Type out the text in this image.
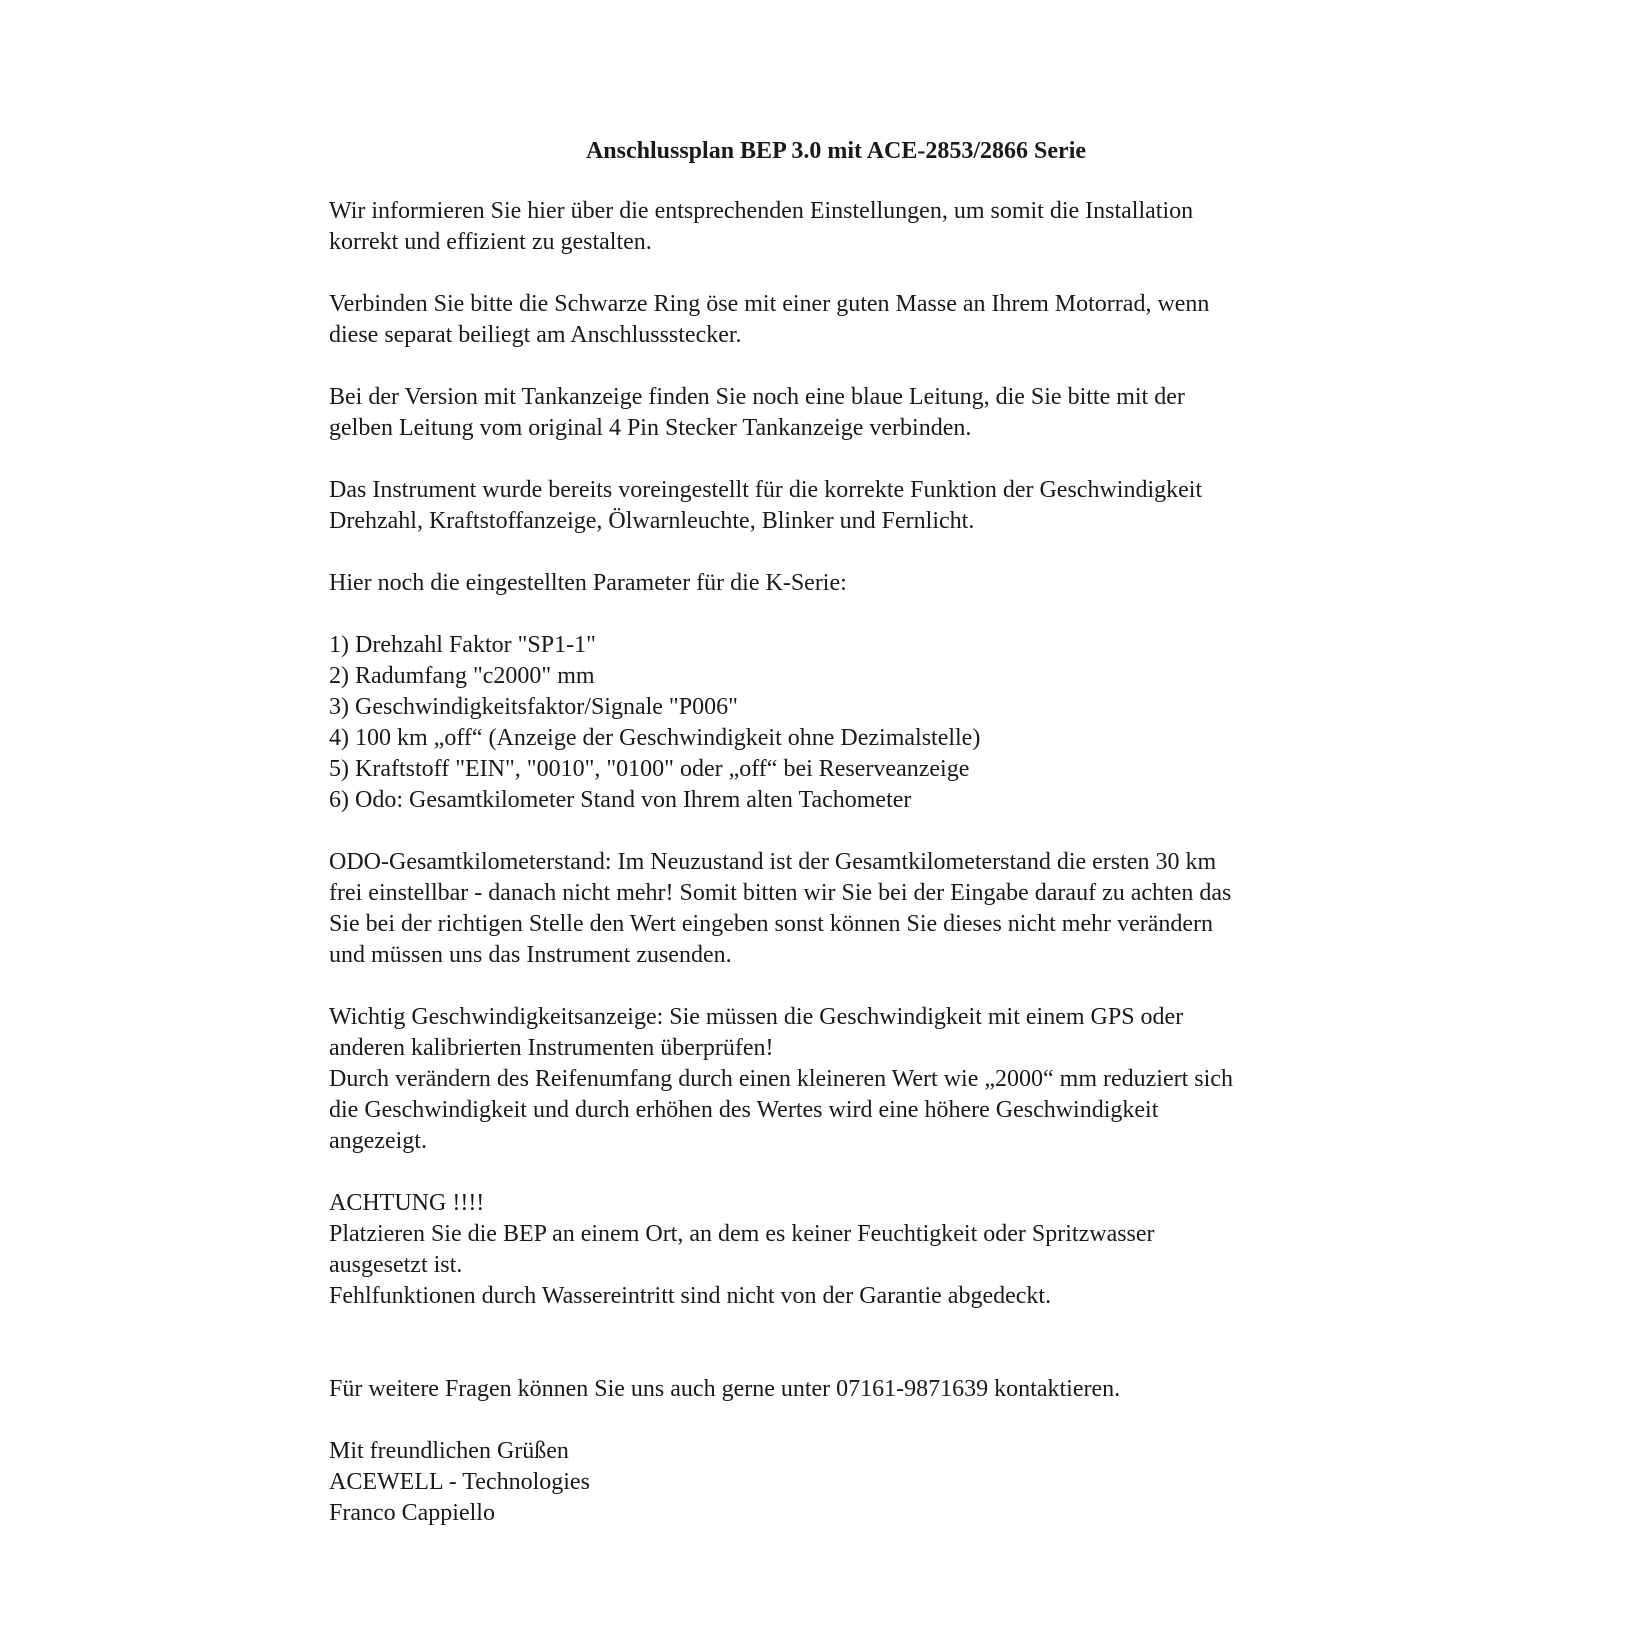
Anschlussplan BEP 3.0 mit ACE-2853/2866 Serie
Wir informieren Sie hier über die entsprechenden Einstellungen, um somit die Installation
korrekt und effizient zu gestalten.
Verbinden Sie bitte die Schwarze Ring öse mit einer guten Masse an Ihrem Motorrad, wenn
diese separat beiliegt am Anschlussstecker.
Bei der Version mit Tankanzeige finden Sie noch eine blaue Leitung, die Sie bitte mit der
gelben Leitung vom original 4 Pin Stecker Tankanzeige verbinden.
Das Instrument wurde bereits voreingestellt für die korrekte Funktion der Geschwindigkeit
Drehzahl, Kraftstoffanzeige, Ölwarnleuchte, Blinker und Fernlicht.
Hier noch die eingestellten Parameter für die K-Serie:
1) Drehzahl Faktor "SP1-1"
2) Radumfang "c2000" mm
3) Geschwindigkeitsfaktor/Signale "P006"
4) 100 km „off“ (Anzeige der Geschwindigkeit ohne Dezimalstelle)
5) Kraftstoff "EIN", "0010", "0100" oder „off“ bei Reserveanzeige
6) Odo: Gesamtkilometer Stand von Ihrem alten Tachometer
ODO-Gesamtkilometerstand: Im Neuzustand ist der Gesamtkilometerstand die ersten 30 km
frei einstellbar - danach nicht mehr! Somit bitten wir Sie bei der Eingabe darauf zu achten das
Sie bei der richtigen Stelle den Wert eingeben sonst können Sie dieses nicht mehr verändern
und müssen uns das Instrument zusenden.
Wichtig Geschwindigkeitsanzeige: Sie müssen die Geschwindigkeit mit einem GPS oder
anderen kalibrierten Instrumenten überprüfen!
Durch verändern des Reifenumfang durch einen kleineren Wert wie „2000“ mm reduziert sich
die Geschwindigkeit und durch erhöhen des Wertes wird eine höhere Geschwindigkeit
angezeigt.
ACHTUNG !!!!
Platzieren Sie die BEP an einem Ort, an dem es keiner Feuchtigkeit oder Spritzwasser
ausgesetzt ist.
Fehlfunktionen durch Wassereintritt sind nicht von der Garantie abgedeckt.
Für weitere Fragen können Sie uns auch gerne unter 07161-9871639 kontaktieren.
Mit freundlichen Grüßen
ACEWELL - Technologies
Franco Cappiello
